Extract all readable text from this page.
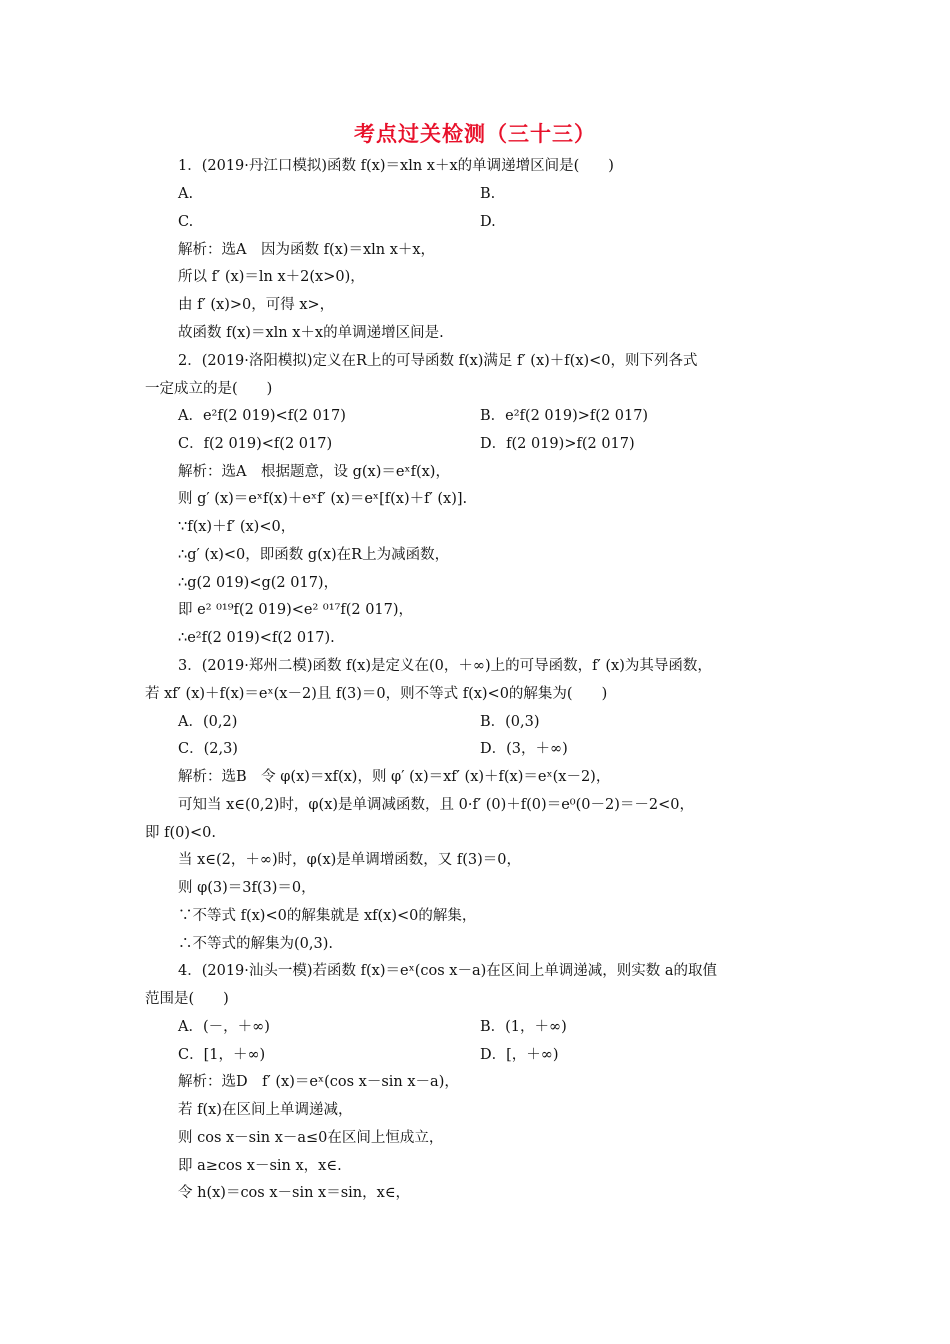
考点过关检测（三十三）
1．(2019·丹江口模拟)函数 f(x)＝xln x＋x的单调递增区间是(　　)
A.	B.
C.	D.
解析：选A　因为函数 f(x)＝xln x＋x，
所以 f′ (x)＝ln x＋2(x>0)，
由 f′ (x)>0，可得 x>，
故函数 f(x)＝xln x＋x的单调递增区间是.
2．(2019·洛阳模拟)定义在R上的可导函数 f(x)满足 f′ (x)＋f(x)<0，则下列各式
一定成立的是(　　)
A．e²f(2 019)<f(2 017)	B．e²f(2 019)>f(2 017)
C．f(2 019)<f(2 017)	D．f(2 019)>f(2 017)
解析：选A　根据题意，设 g(x)＝eˣf(x)，
则 g′ (x)＝eˣf(x)＋eˣf′ (x)＝eˣ[f(x)＋f′ (x)].
∵f(x)＋f′ (x)<0，
∴g′ (x)<0，即函数 g(x)在R上为减函数，
∴g(2 019)<g(2 017)，
即 e² ⁰¹⁹f(2 019)<e² ⁰¹⁷f(2 017)，
∴e²f(2 019)<f(2 017).
3．(2019·郑州二模)函数 f(x)是定义在(0，＋∞)上的可导函数，f′ (x)为其导函数，
若 xf′ (x)＋f(x)＝eˣ(x－2)且 f(3)＝0，则不等式 f(x)<0的解集为(　　)
A．(0,2)	B．(0,3)
C．(2,3)	D．(3，＋∞)
解析：选B　令 φ(x)＝xf(x)，则 φ′ (x)＝xf′ (x)＋f(x)＝eˣ(x－2)，
可知当 x∈(0,2)时，φ(x)是单调减函数，且 0·f′ (0)＋f(0)＝e⁰(0－2)＝－2<0，
即 f(0)<0.
当 x∈(2，＋∞)时，φ(x)是单调增函数，又 f(3)＝0，
则 φ(3)＝3f(3)＝0，
∵不等式 f(x)<0的解集就是 xf(x)<0的解集，
∴不等式的解集为(0,3).
4．(2019·汕头一模)若函数 f(x)＝eˣ(cos x－a)在区间上单调递减，则实数 a的取值
范围是(　　)
A．(－，＋∞)	B．(1，＋∞)
C．[1，＋∞)	D．[，＋∞)
解析：选D　f′ (x)＝eˣ(cos x－sin x－a)，
若 f(x)在区间上单调递减，
则 cos x－sin x－a≤0在区间上恒成立，
即 a≥cos x－sin x，x∈.
令 h(x)＝cos x－sin x＝sin，x∈，
